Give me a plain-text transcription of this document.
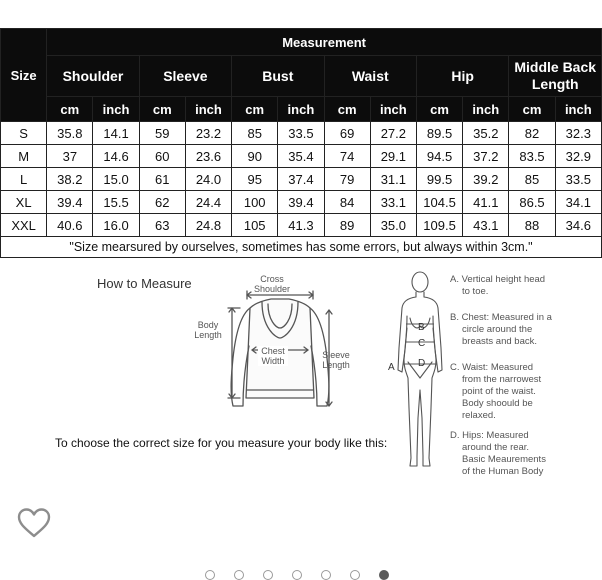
Size	Measurement											
	Shoulder		Sleeve		Bust		Waist		Hip		Middle Back
Length	
	cm	inch	cm	inch	cm	inch	cm	inch	cm	inch	cm	inch
S	35.8	14.1	59	23.2	85	33.5	69	27.2	89.5	35.2	82	32.3
M	37	14.6	60	23.6	90	35.4	74	29.1	94.5	37.2	83.5	32.9
L	38.2	15.0	61	24.0	95	37.4	79	31.1	99.5	39.2	85	33.5
XL	39.4	15.5	62	24.4	100	39.4	84	33.1	104.5	41.1	86.5	34.1
XXL	40.6	16.0	63	24.8	105	41.3	89	35.0	109.5	43.1	88	34.6
"Size mearsured by ourselves, sometimes has some errors, but always within 3cm."												
How to Measure	Cross
Shoulder
Body
Length
Chest
Width
Sleeve
Length
To choose the correct size for you measure your body like this:
A
B
C
D
A. Vertical height head
to toe.
B. Chest: Measured in a
circle around the
breasts and back.
C. Waist: Measured
from the narrowest
point of the waist.
Body shoould be
relaxed.
D. Hips: Measured
around the rear.
Basic Meaurements
of the Human Body
